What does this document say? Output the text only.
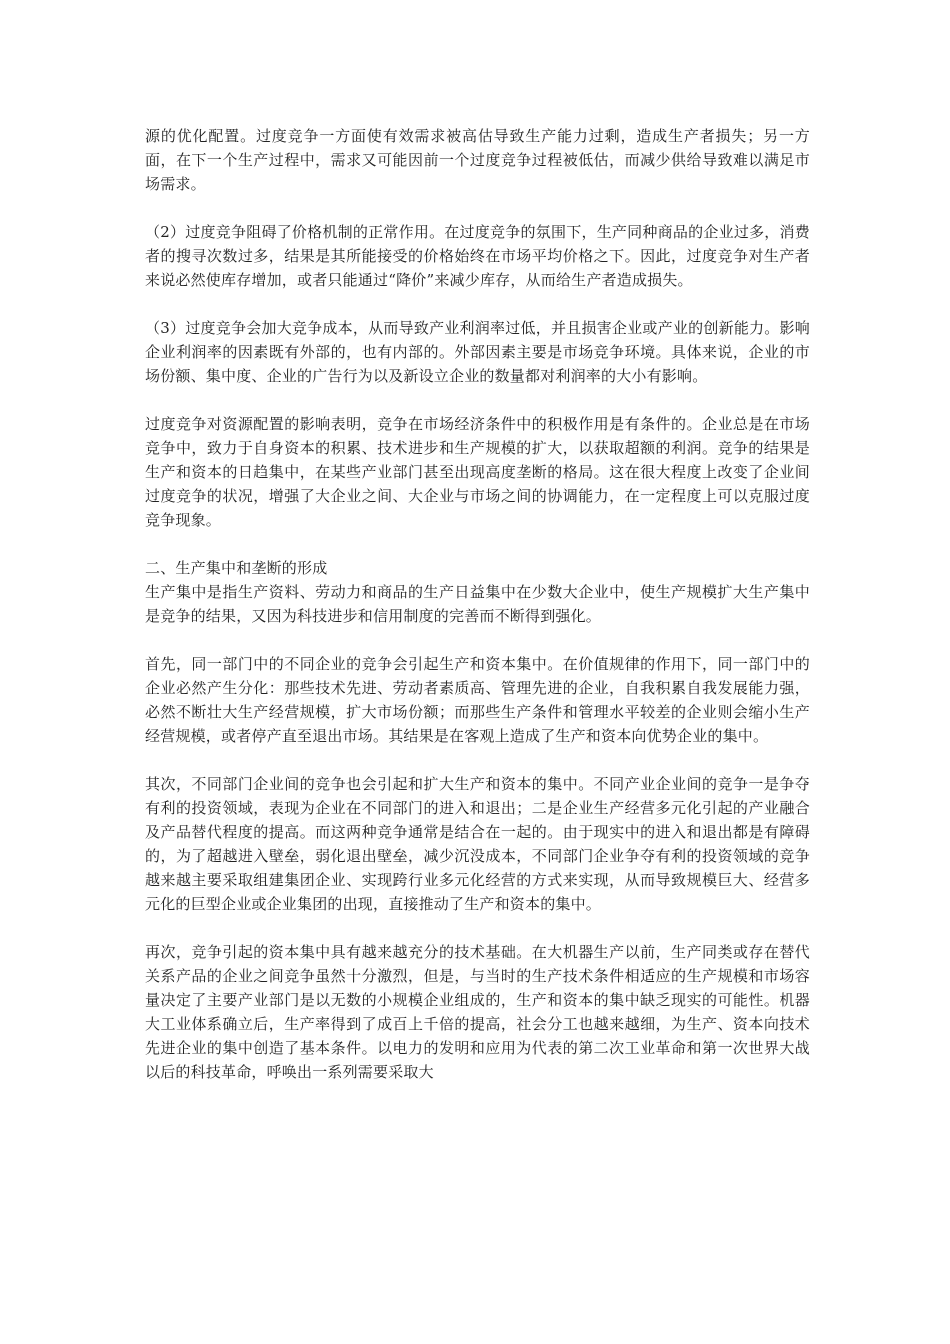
源的优化配置。过度竞争一方面使有效需求被高估导致生产能力过剩，造成生产者损失；另一方面，在下一个生产过程中，需求又可能因前一个过度竞争过程被低估，而减少供给导致难以满足市场需求。

（2）过度竞争阻碍了价格机制的正常作用。在过度竞争的氛围下，生产同种商品的企业过多，消费者的搜寻次数过多，结果是其所能接受的价格始终在市场平均价格之下。因此，过度竞争对生产者来说必然使库存增加，或者只能通过“降价”来减少库存，从而给生产者造成损失。

（3）过度竞争会加大竞争成本，从而导致产业利润率过低，并且损害企业或产业的创新能力。影响企业利润率的因素既有外部的，也有内部的。外部因素主要是市场竞争环境。具体来说，企业的市场份额、集中度、企业的广告行为以及新设立企业的数量都对利润率的大小有影响。

过度竞争对资源配置的影响表明，竞争在市场经济条件中的积极作用是有条件的。企业总是在市场竞争中，致力于自身资本的积累、技术进步和生产规模的扩大，以获取超额的利润。竞争的结果是生产和资本的日趋集中，在某些产业部门甚至出现高度垄断的格局。这在很大程度上改变了企业间过度竞争的状况，增强了大企业之间、大企业与市场之间的协调能力，在一定程度上可以克服过度竞争现象。

二、生产集中和垄断的形成

生产集中是指生产资料、劳动力和商品的生产日益集中在少数大企业中，使生产规模扩大生产集中是竞争的结果，又因为科技进步和信用制度的完善而不断得到强化。

首先，同一部门中的不同企业的竞争会引起生产和资本集中。在价值规律的作用下，同一部门中的企业必然产生分化：那些技术先进、劳动者素质高、管理先进的企业，自我积累自我发展能力强，必然不断壮大生产经营规模，扩大市场份额；而那些生产条件和管理水平较差的企业则会缩小生产经营规模，或者停产直至退出市场。其结果是在客观上造成了生产和资本向优势企业的集中。

其次，不同部门企业间的竞争也会引起和扩大生产和资本的集中。不同产业企业间的竞争一是争夺有利的投资领域，表现为企业在不同部门的进入和退出；二是企业生产经营多元化引起的产业融合及产品替代程度的提高。而这两种竞争通常是结合在一起的。由于现实中的进入和退出都是有障碍的，为了超越进入壁垒，弱化退出壁垒，减少沉没成本，不同部门企业争夺有利的投资领域的竞争越来越主要采取组建集团企业、实现跨行业多元化经营的方式来实现，从而导致规模巨大、经营多元化的巨型企业或企业集团的出现，直接推动了生产和资本的集中。

再次，竞争引起的资本集中具有越来越充分的技术基础。在大机器生产以前，生产同类或存在替代关系产品的企业之间竞争虽然十分激烈，但是，与当时的生产技术条件相适应的生产规模和市场容量决定了主要产业部门是以无数的小规模企业组成的，生产和资本的集中缺乏现实的可能性。机器大工业体系确立后，生产率得到了成百上千倍的提高，社会分工也越来越细，为生产、资本向技术先进企业的集中创造了基本条件。以电力的发明和应用为代表的第二次工业革命和第一次世界大战以后的科技革命，呼唤出一系列需要采取大
